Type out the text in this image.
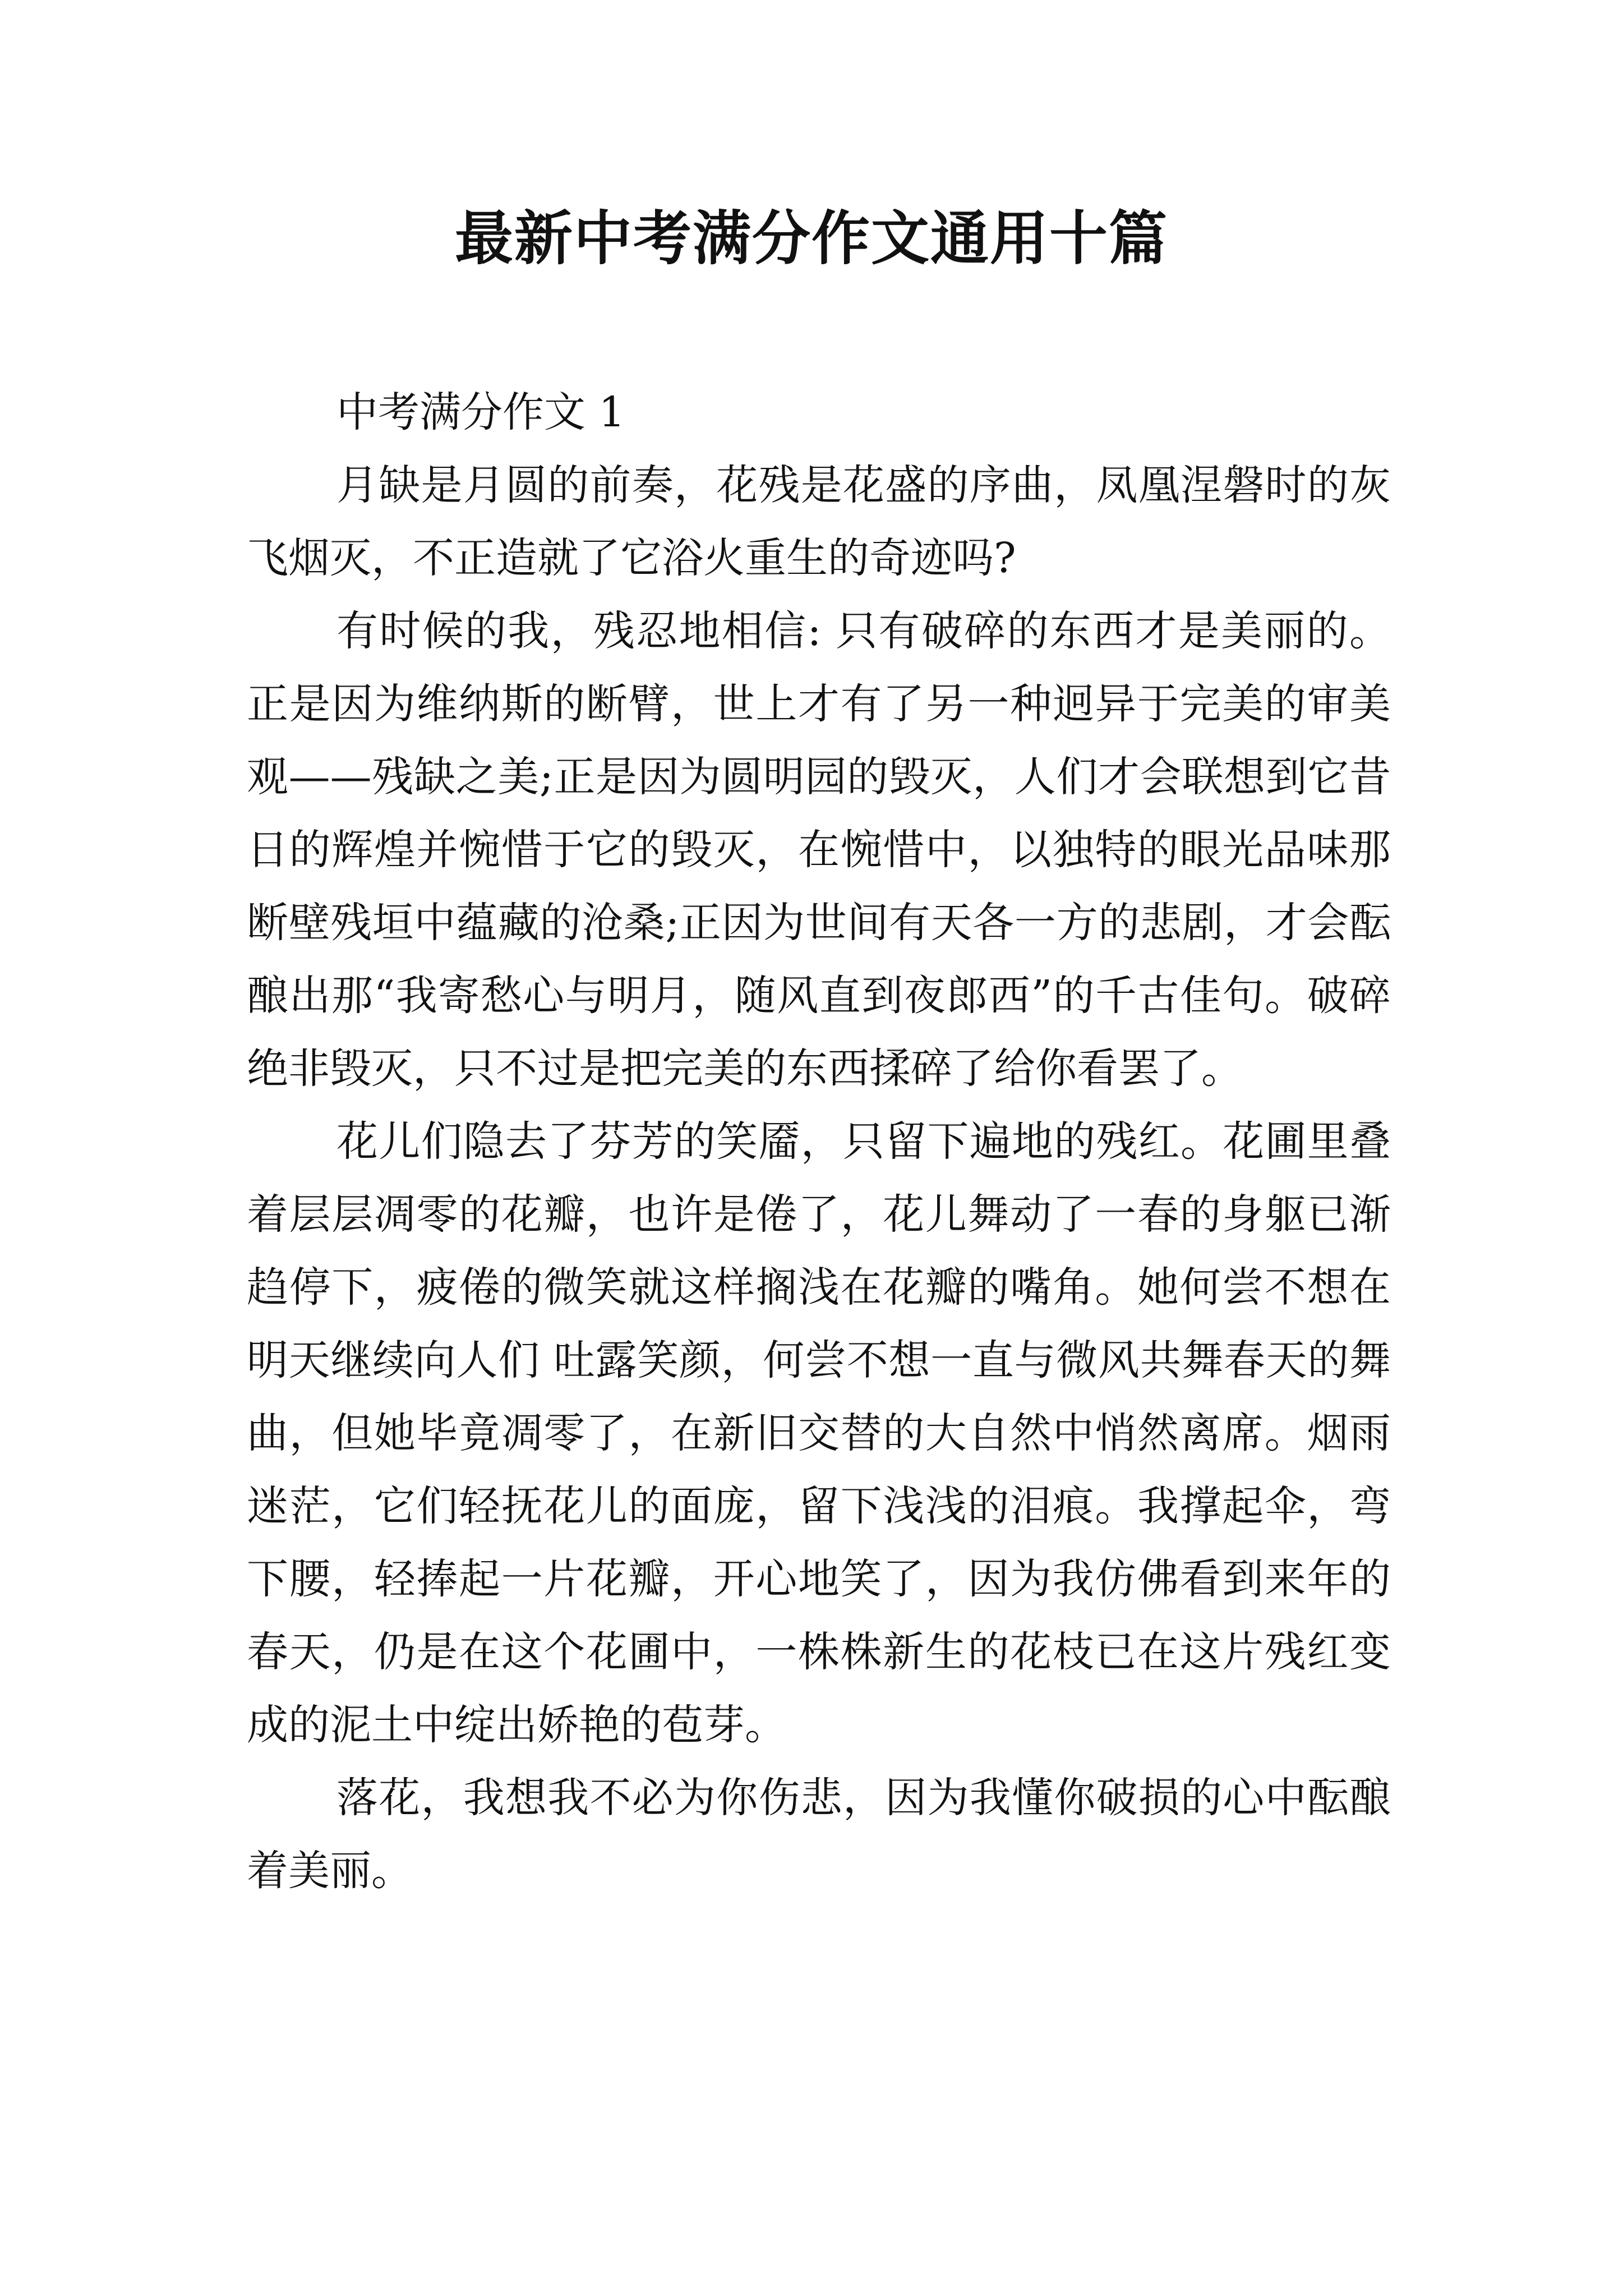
最新中考满分作文通用十篇

中考满分作文 1

月缺是月圆的前奏，花残是花盛的序曲，凤凰涅磐时的灰飞烟灭，不正造就了它浴火重生的奇迹吗?

有时候的我，残忍地相信: 只有破碎的东西才是美丽的。正是因为维纳斯的断臂，世上才有了另一种迥异于完美的审美观——残缺之美;正是因为圆明园的毁灭，人们才会联想到它昔日的辉煌并惋惜于它的毁灭，在惋惜中，以独特的眼光品味那断壁残垣中蕴藏的沧桑;正因为世间有天各一方的悲剧，才会酝酿出那“我寄愁心与明月，随风直到夜郎西”的千古佳句。破碎绝非毁灭，只不过是把完美的东西揉碎了给你看罢了。

花儿们隐去了芬芳的笑靥，只留下遍地的残红。花圃里叠着层层凋零的花瓣，也许是倦了，花儿舞动了一春的身躯已渐趋停下，疲倦的微笑就这样搁浅在花瓣的嘴角。她何尝不想在明天继续向人们 吐露笑颜，何尝不想一直与微风共舞春天的舞曲，但她毕竟凋零了，在新旧交替的大自然中悄然离席。烟雨迷茫，它们轻抚花儿的面庞，留下浅浅的泪痕。我撑起伞，弯下腰，轻捧起一片花瓣，开心地笑了，因为我仿佛看到来年的春天，仍是在这个花圃中，一株株新生的花枝已在这片残红变成的泥土中绽出娇艳的苞芽。

落花，我想我不必为你伤悲，因为我懂你破损的心中酝酿着美丽。
